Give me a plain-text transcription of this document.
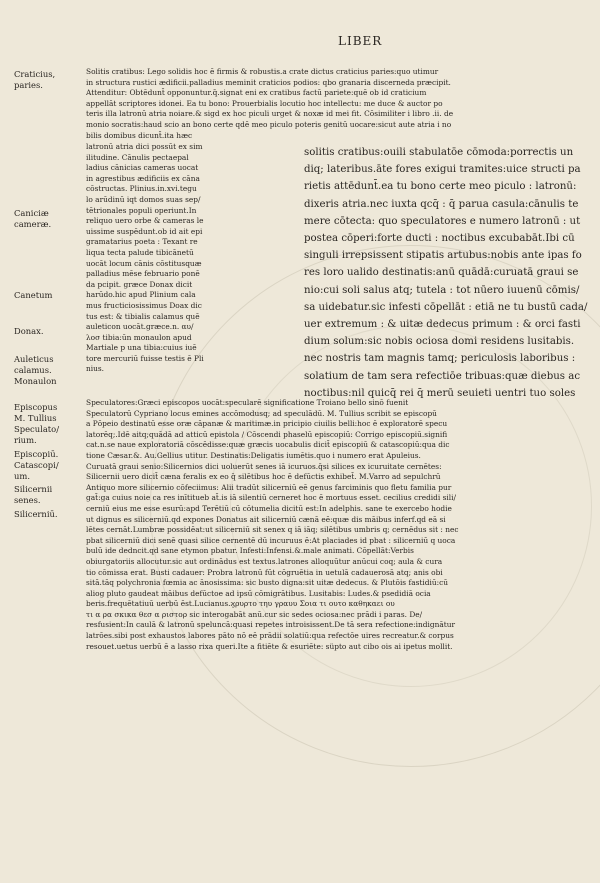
LIBER
Craticius,
paries.
Caniciæ
cameræ.
Canetum
Donax.
Auleticus
calamus.
Monaulon
Episcopus
M. Tullius
Speculato/
rium.
Episcopiū.
Catascopi/
um.
Silicernii
senes.
Silicerniū.
Solitis cratibus: Lego solidis hoc ē firmis & robustis.a crate dictus craticius paries:quo utimur
in structura rustici ædificii.palladius meminit craticios podios: qbo granaria discerneda præcipit.
Attenditur: Obtēdunt̄ opponuntur.q̄.signat eni ex cratibus factū pariete:quē ob id craticium
appellāt scriptores idonei. Ea tu bono: Prouerbialis locutio hoc intellectu: me duce & auctor po
teris illa latronū atria noiare.& sigd ex hoc piculi urget & noxæ id mei fit. Cōsimiliter i libro .ii. de
monio socratis:haud scio an bono certe qdē meo piculo poteris genitū uocare:sicut aute atria i no
bilis domibus dicunt̄.ita hæc
latronū atria dici possūt ex sim
ilitudine. Cānulis pectaepal
ladius cānicias cameras uocat
in agrestibus ædificiis ex cāna
cōstructas. Plinius.in.xvi.tegu
lo arūdinū iqt domos suas sep/
tētrionales populi operiunt.In
reliquo uero orbe & cameras le
uissime suspēdunt.ob id ait epi
gramatarius poeta : Texant re
liqua tecta palude tibicānetū
uocāt locum cānis cōstitusquæ
palladius mēse februario ponē
da pcipit. græce Donax dicit
harūdo.hic apud Plinium cala
mus fructiciosissimus Doax dic
tus est: & tibialis calamus quē
auleticon uocāt.græce.n. αυ/
λοσ tibia:ūn monaulon apud
Martiale p una tibia:cuius iuē
tore mercuriū fuisse testis ē Pli
nius.
solitis cratibus:ouili stabulatōe cōmoda:porrectis un
diq; lateribus.āte fores exigui tramites:uice structi pa
rietis attēdunt̄.ea tu bono certe meo piculo : latronū:
dixeris atria.nec iuxta qcq̄ : q̄ parua casula:cānulis te
mere cōtecta: quo speculatores e numero latronū : ut
postea cōperi:forte ducti : noctibus excubabāt.Ibi cū
singuli irrepsissent stipatis artubus:nobis ante ipas fo
res loro ualido destinatis:anū quādā:curuatā graui se
nio:cui soli salus atq; tutela : tot nūero iuuenū cōmis/
sa uidebatur.sic infesti cōpellāt : etiā ne tu bustū cada/
uer extremum : & uitæ dedecus primum : & orci fasti
dium solum:sic nobis ociosa domi residens lusitabis.
nec nostris tam magnis tamq; periculosis laboribus :
solatium de tam sera refectiōe tribuas:quæ diebus ac
noctibus:nil quicq̄ rei q̄ merū seuieti uentri tuo soles
Speculatores:Græci episcopos uocāt:specularē significatione Troiano bello sinō fuenit
Speculatorū Cypriano locus emines accōmodusq; ad speculādū. M. Tullius scribit se episcopū
a Pōpeio destinatū esse oræ cāpanæ & maritimæ.in pricipio ciuilis belli:hoc ē exploratorē specu
latorēq;.Idē aitq;quādā ad atticū epistola / Cōscendi phaselū episcopiū: Corrigo episcopiū.signifi
cat.n.se naue exploratoriā cōscēdisse:quæ græcis uocabulis dicit̄ episcopiū & catascopiū:qua dic
tione Cæsar.&. Au.Gellius utitur. Destinatis:Deligatis iumētis.quo i numero erat Apuleius.
Curuatā graui senio:Silicernios dici uoluerūt senes iā icuruos.q̄si silices ex icuruitate cernētes:
Silicernii uero dicit̄ cæna feralis ex eo q̄ silētibus hoc ē defūctis exhibet̄. M.Varro ad sepulchrū
Antiquo more silicernio cōfeciimus: Alii tradūt silicerniū eē genus farciminis quo fletu familia pur
gat̄:ga cuius noie ca res inītitueb at̄.is iā silentiū cerneret hoc ē mortuus esset. cecilius credidi sili/
cerniū eius me esse esurū:apd Terētiū cū cōtumelia dicitū est:In adelphis. sane te exercebo hodie
ut dignus es silicerniū.qd expones Donatus ait silicerniū cænā eē:quæ dis māibus inferf.qd eā si
lētes cernāt.Lumbræ possidēat:ut silicerniū sit senex q iā iāq; silētibus umbris q; cernēdus sit : nec
pbat silicerniū dici senē quasi silice cernentē dū incuruus ē:At placiades id pbat : silicerniū q uoca
bulū ide dedncit.qd sane etymon pbatur. Infesti:Infensi.&.male animati. Cōpellāt:Verbis
obiurgatoriis allocutur.sic aut ordinādus est textus.latrones alloquūtur anūcui coq; aula & cura
tio cōmissa erat. Busti cadauer: Probra latronū fūt cōgruētia in uetulā cadauerosā atq; anis obi
sitā.tāq polychronia fœmia ac ānosissima: sic busto digna:sit uitæ dedecus. & Plutōis fastidiū:cū
aliog pluto gaudeat māibus defūctoe ad ipsū cōmigrātibus. Lusitabis: Ludes.& psedidiā ocia
beris.frequētatiuū uerbū ēst.Lucianus.ϗρυρτο τηυ γραυυ Σοια τι ουτο καθηκαει ου
τι α ρα σκικα θεσ α ριστορ sic interogabāt anū.cur sic sedes ociosa:nec prādi i paras. De/
resfusient:In caulā & latronū speluncā:quasi repetes introisissent.De tā sera refectione:indignātur
latrōes.sibi post exhaustos labores pāto nō eē prādii solatiū:qua refectōe uires recreatur.& corpus
resouet.uetus uerbū ē a lasso rixa queri.Ite a fitiēte & esuriēte: süpto aut cibo ois ai ipetus mollit.
